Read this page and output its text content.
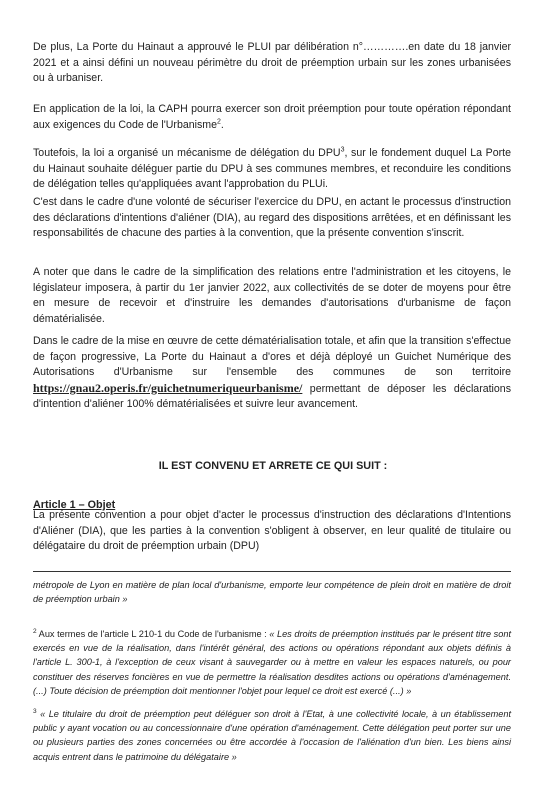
De plus, La Porte du Hainaut a approuvé le PLUI par délibération n°………….en date du 18 janvier 2021 et a ainsi défini un nouveau périmètre du droit de préemption urbain sur les zones urbanisées ou à urbaniser.

En application de la loi, la CAPH pourra exercer son droit préemption pour toute opération répondant aux exigences du Code de l'Urbanisme$^2$.

Toutefois, la loi a organisé un mécanisme de délégation du DPU$^3$, sur le fondement duquel La Porte du Hainaut souhaite déléguer partie du DPU à ses communes membres, et reconduire les conditions de délégation telles qu'appliquées avant l'approbation du PLUi.

C'est dans le cadre d'une volonté de sécuriser l'exercice du DPU, en actant le processus d'instruction des déclarations d'intentions d'aliéner (DIA), au regard des dispositions arrêtées, et en définissant les responsabilités de chacune des parties à la convention, que la présente convention s'inscrit.

A noter que dans le cadre de la simplification des relations entre l'administration et les citoyens, le législateur imposera, à partir du 1er janvier 2022, aux collectivités de se doter de moyens pour être en mesure de recevoir et d'instruire les demandes d'autorisations d'urbanisme de façon dématérialisée.

Dans le cadre de la mise en œuvre de cette dématérialisation totale, et afin que la transition s'effectue de façon progressive, La Porte du Hainaut a d'ores et déjà déployé un Guichet Numérique des Autorisations d'Urbanisme sur l'ensemble des communes de son territoire https://gnau2.operis.fr/guichetnumeriqueurbanisme/ permettant de déposer les déclarations d'intention d'aliéner 100% dématérialisées et suivre leur avancement.

IL EST CONVENU ET ARRETE CE QUI SUIT :
Article 1 – Objet

La présente convention a pour objet d'acter le processus d'instruction des déclarations d'Intentions d'Aliéner (DIA), que les parties à la convention s'obligent à observer, en leur qualité de titulaire ou délégataire du droit de préemption urbain (DPU)

métropole de Lyon en matière de plan local d'urbanisme, emporte leur compétence de plein droit en matière de droit de préemption urbain »

$^2$ Aux termes de l'article L 210-1 du Code de l'urbanisme : « Les droits de préemption institués par le présent titre sont exercés en vue de la réalisation, dans l'intérêt général, des actions ou opérations répondant aux objets définis à l'article L. 300-1, à l'exception de ceux visant à sauvegarder ou à mettre en valeur les espaces naturels, ou pour constituer des réserves foncières en vue de permettre la réalisation desdites actions ou opérations d'aménagement. (...) Toute décision de préemption doit mentionner l'objet pour lequel ce droit est exercé (...) »

$^3$ « Le titulaire du droit de préemption peut déléguer son droit à l'Etat, à une collectivité locale, à un établissement public y ayant vocation ou au concessionnaire d'une opération d'aménagement. Cette délégation peut porter sur une ou plusieurs parties des zones concernées ou être accordée à l'occasion de l'aliénation d'un bien. Les biens ainsi acquis entrent dans le patrimoine du délégataire »
